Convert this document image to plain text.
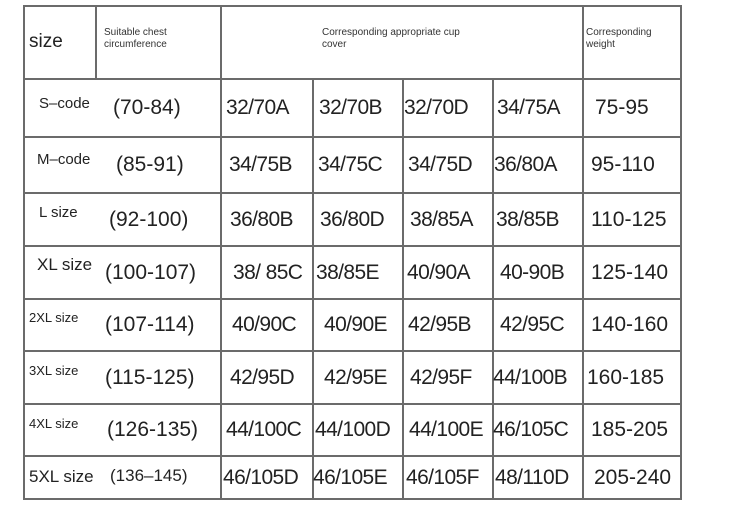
size	Suitable chest circumference
Corresponding appropriate cup cover
Corresponding weight
S–code (70-84) 32/70A 32/70B 32/70D 34/75A 75-95
M–code (85-91) 34/75B 34/75C 34/75D 36/80A 95-110
L size (92-100) 36/80B 36/80D 38/85A 38/85B 110-125
XL size (100-107) 38/ 85C 38/85E 40/90A 40-90B 125-140
2XL size (107-114) 40/90C 40/90E 42/95B 42/95C 140-160
3XL size (115-125) 42/95D 42/95E 42/95F 44/100B 160-185
4XL size (126-135) 44/100C 44/100D 44/100E 46/105C 185-205
5XL size (136–145) 46/105D 46/105E 46/105F 48/110D 205-240
